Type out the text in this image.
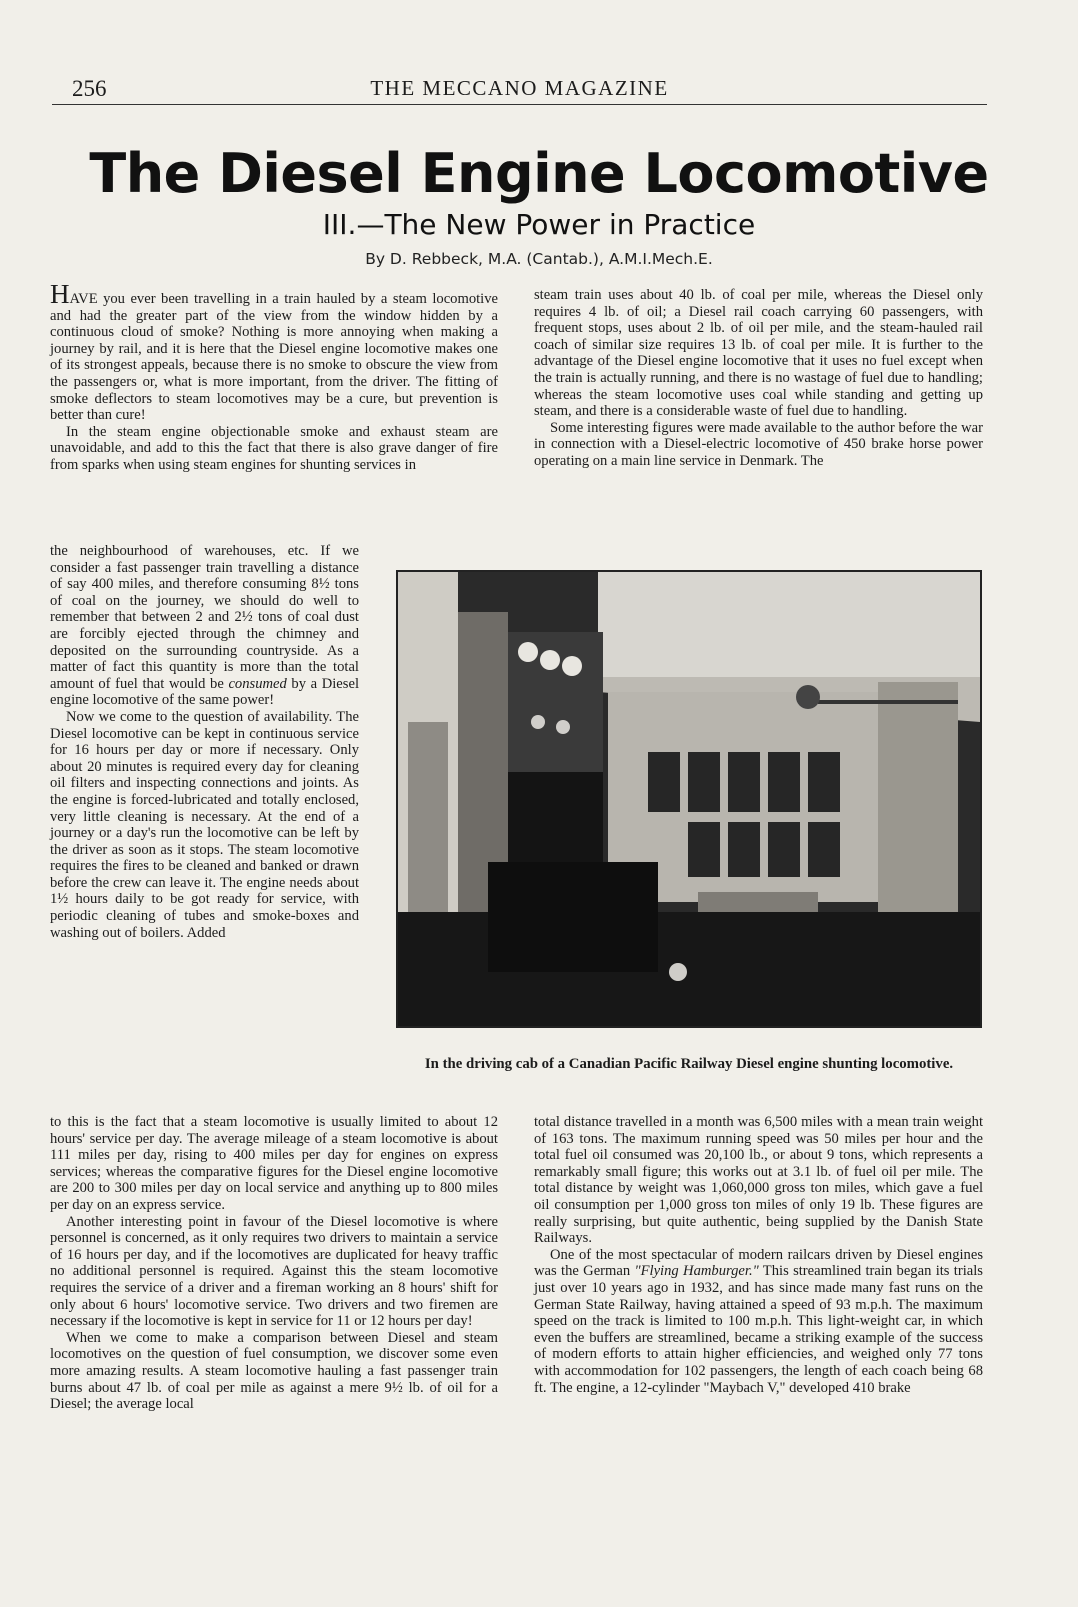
256	THE MECCANO MAGAZINE
The Diesel Engine Locomotive
III.—The New Power in Practice
By D. Rebbeck, M.A. (Cantab.), A.M.I.Mech.E.

HAVE you ever been travelling in a train hauled by a steam locomotive and had the greater part of the view from the window hidden by a continuous cloud of smoke? Nothing is more annoying when making a journey by rail, and it is here that the Diesel engine locomotive makes one of its strongest appeals, because there is no smoke to obscure the view from the passengers or, what is more important, from the driver. The fitting of smoke deflectors to steam locomotives may be a cure, but prevention is better than cure!

In the steam engine objectionable smoke and exhaust steam are unavoidable, and add to this the fact that there is also grave danger of fire from sparks when using steam engines for shunting services in

the neighbourhood of warehouses, etc. If we consider a fast passenger train travelling a distance of say 400 miles, and therefore consuming 8½ tons of coal on the journey, we should do well to remember that between 2 and 2½ tons of coal dust are forcibly ejected through the chimney and deposited on the surrounding countryside. As a matter of fact this quantity is more than the total amount of fuel that would be consumed by a Diesel engine locomotive of the same power!

Now we come to the question of availability. The Diesel locomotive can be kept in continuous service for 16 hours per day or more if necessary. Only about 20 minutes is required every day for cleaning oil filters and inspecting connections and joints. As the engine is forced-lubricated and totally enclosed, very little cleaning is necessary. At the end of a journey or a day's run the locomotive can be left by the driver as soon as it stops. The steam locomotive requires the fires to be cleaned and banked or drawn before the crew can leave it. The engine needs about 1½ hours daily to be got ready for service, with periodic cleaning of tubes and smoke-boxes and washing out of boilers. Added

to this is the fact that a steam locomotive is usually limited to about 12 hours' service per day. The average mileage of a steam locomotive is about 111 miles per day, rising to 400 miles per day for engines on express services; whereas the comparative figures for the Diesel engine locomotive are 200 to 300 miles per day on local service and anything up to 800 miles per day on an express service.

Another interesting point in favour of the Diesel locomotive is where personnel is concerned, as it only requires two drivers to maintain a service of 16 hours per day, and if the locomotives are duplicated for heavy traffic no additional personnel is required. Against this the steam locomotive requires the service of a driver and a fireman working an 8 hours' shift for only about 6 hours' locomotive service. Two drivers and two firemen are necessary if the locomotive is kept in service for 11 or 12 hours per day!

When we come to make a comparison between Diesel and steam locomotives on the question of fuel consumption, we discover some even more amazing results. A steam locomotive hauling a fast passenger train burns about 47 lb. of coal per mile as against a mere 9½ lb. of oil for a Diesel; the average local

steam train uses about 40 lb. of coal per mile, whereas the Diesel only requires 4 lb. of oil; a Diesel rail coach carrying 60 passengers, with frequent stops, uses about 2 lb. of oil per mile, and the steam-hauled rail coach of similar size requires 13 lb. of coal per mile. It is further to the advantage of the Diesel engine locomotive that it uses no fuel except when the train is actually running, and there is no wastage of fuel due to handling; whereas the steam locomotive uses coal while standing and getting up steam, and there is a considerable waste of fuel due to handling.

Some interesting figures were made available to the author before the war in connection with a Diesel-electric locomotive of 450 brake horse power operating on a main line service in Denmark. The

In the driving cab of a Canadian Pacific Railway Diesel engine shunting locomotive.

total distance travelled in a month was 6,500 miles with a mean train weight of 163 tons. The maximum running speed was 50 miles per hour and the total fuel oil consumed was 20,100 lb., or about 9 tons, which represents a remarkably small figure; this works out at 3.1 lb. of fuel oil per mile. The total distance by weight was 1,060,000 gross ton miles, which gave a fuel oil consumption per 1,000 gross ton miles of only 19 lb. These figures are really surprising, but quite authentic, being supplied by the Danish State Railways.

One of the most spectacular of modern railcars driven by Diesel engines was the German "Flying Hamburger." This streamlined train began its trials just over 10 years ago in 1932, and has since made many fast runs on the German State Railway, having attained a speed of 93 m.p.h. The maximum speed on the track is limited to 100 m.p.h. This light-weight car, in which even the buffers are streamlined, became a striking example of the success of modern efforts to attain higher efficiencies, and weighed only 77 tons with accommodation for 102 passengers, the length of each coach being 68 ft. The engine, a 12-cylinder "Maybach V," developed 410 brake
